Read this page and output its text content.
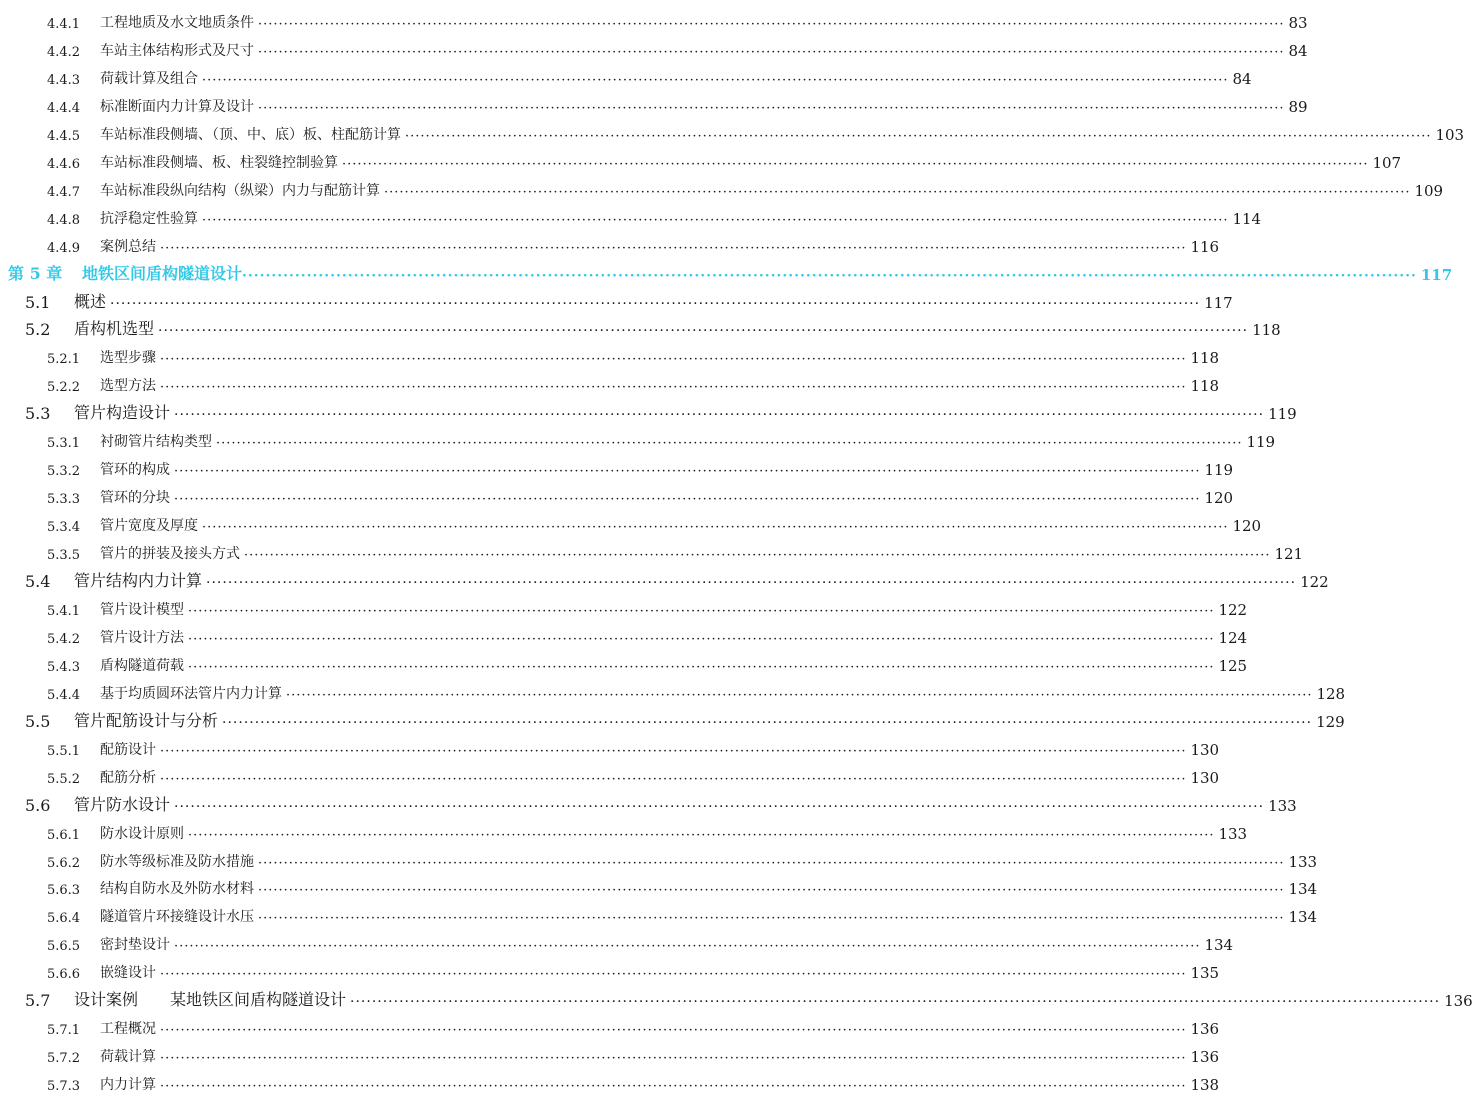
4.4.1	工程地质及水文地质条件 ········································································································································································································ 83
4.4.2	车站主体结构形式及尺寸 ········································································································································································································ 84
4.4.3	荷载计算及组合 ········································································································································································································ 84
4.4.4	标准断面内力计算及设计 ········································································································································································································ 89
4.4.5	车站标准段侧墙、（顶、中、底）板、柱配筋计算 ········································································································································································································ 103
4.4.6	车站标准段侧墙、板、柱裂缝控制验算 ········································································································································································································ 107
4.4.7	车站标准段纵向结构（纵梁）内力与配筋计算 ········································································································································································································ 109
4.4.8	抗浮稳定性验算 ········································································································································································································ 114
4.4.9	案例总结 ········································································································································································································ 116
第 5 章	地铁区间盾构隧道设计 ········································································································································································································ 117
5.1	概述 ········································································································································································································ 117
5.2	盾构机选型 ········································································································································································································ 118
5.2.1	选型步骤 ········································································································································································································ 118
5.2.2	选型方法 ········································································································································································································ 118
5.3	管片构造设计 ········································································································································································································ 119
5.3.1	衬砌管片结构类型 ········································································································································································································ 119
5.3.2	管环的构成 ········································································································································································································ 119
5.3.3	管环的分块 ········································································································································································································ 120
5.3.4	管片宽度及厚度 ········································································································································································································ 120
5.3.5	管片的拼装及接头方式 ········································································································································································································ 121
5.4	管片结构内力计算 ········································································································································································································ 122
5.4.1	管片设计模型 ········································································································································································································ 122
5.4.2	管片设计方法 ········································································································································································································ 124
5.4.3	盾构隧道荷载 ········································································································································································································ 125
5.4.4	基于均质圆环法管片内力计算 ········································································································································································································ 128
5.5	管片配筋设计与分析 ········································································································································································································ 129
5.5.1	配筋设计 ········································································································································································································ 130
5.5.2	配筋分析 ········································································································································································································ 130
5.6	管片防水设计 ········································································································································································································ 133
5.6.1	防水设计原则 ········································································································································································································ 133
5.6.2	防水等级标准及防水措施 ········································································································································································································ 133
5.6.3	结构自防水及外防水材料 ········································································································································································································ 134
5.6.4	隧道管片环接缝设计水压 ········································································································································································································ 134
5.6.5	密封垫设计 ········································································································································································································ 134
5.6.6	嵌缝设计 ········································································································································································································ 135
5.7	设计案例　　某地铁区间盾构隧道设计 ········································································································································································································ 136
5.7.1	工程概况 ········································································································································································································ 136
5.7.2	荷载计算 ········································································································································································································ 136
5.7.3	内力计算 ········································································································································································································ 138
